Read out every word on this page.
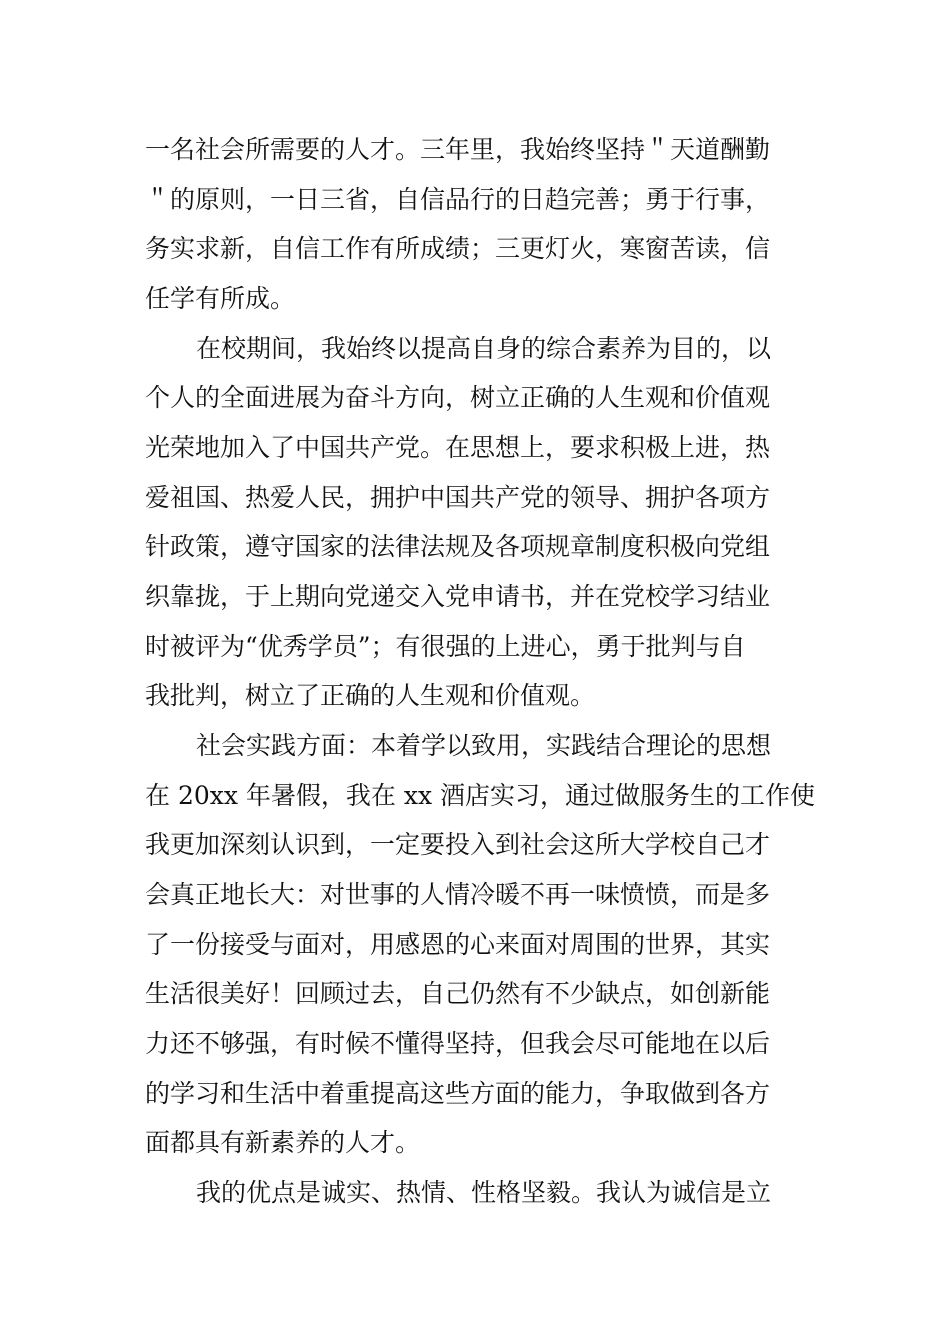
一名社会所需要的人才。三年里，我始终坚持＂天道酬勤
＂的原则，一日三省，自信品行的日趋完善；勇于行事，
务实求新，自信工作有所成绩；三更灯火，寒窗苦读，信
任学有所成。
在校期间，我始终以提高自身的综合素养为目的，以
个人的全面进展为奋斗方向，树立正确的人生观和价值观
光荣地加入了中国共产党。在思想上，要求积极上进，热
爱祖国、热爱人民，拥护中国共产党的领导、拥护各项方
针政策，遵守国家的法律法规及各项规章制度积极向党组
织靠拢，于上期向党递交入党申请书，并在党校学习结业
时被评为“优秀学员”；有很强的上进心，勇于批判与自
我批判，树立了正确的人生观和价值观。
社会实践方面：本着学以致用，实践结合理论的思想
在 20xx 年暑假，我在 xx 酒店实习，通过做服务生的工作使
我更加深刻认识到，一定要投入到社会这所大学校自己才
会真正地长大：对世事的人情冷暖不再一味愤愤，而是多
了一份接受与面对，用感恩的心来面对周围的世界，其实
生活很美好！回顾过去，自己仍然有不少缺点，如创新能
力还不够强，有时候不懂得坚持，但我会尽可能地在以后
的学习和生活中着重提高这些方面的能力，争取做到各方
面都具有新素养的人才。
我的优点是诚实、热情、性格坚毅。我认为诚信是立
